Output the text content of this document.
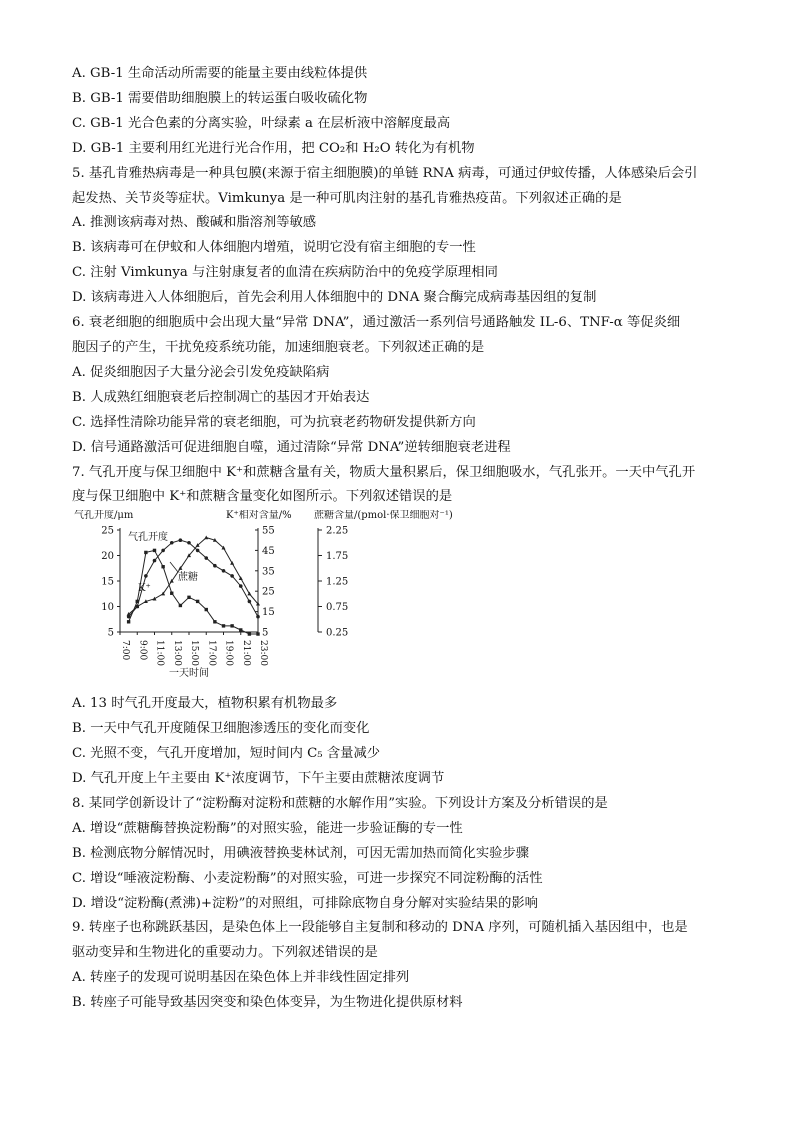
A. GB-1 生命活动所需要的能量主要由线粒体提供
B. GB-1 需要借助细胞膜上的转运蛋白吸收硫化物
C. GB-1 光合色素的分离实验，叶绿素 a 在层析液中溶解度最高
D. GB-1 主要利用红光进行光合作用，把 CO₂和 H₂O 转化为有机物
5. 基孔肯雅热病毒是一种具包膜(来源于宿主细胞膜)的单链 RNA 病毒，可通过伊蚊传播，人体感染后会引
起发热、关节炎等症状。Vimkunya 是一种可肌肉注射的基孔肯雅热疫苗。下列叙述正确的是
A. 推测该病毒对热、酸碱和脂溶剂等敏感
B. 该病毒可在伊蚊和人体细胞内增殖，说明它没有宿主细胞的专一性
C. 注射 Vimkunya 与注射康复者的血清在疾病防治中的免疫学原理相同
D. 该病毒进入人体细胞后，首先会利用人体细胞中的 DNA 聚合酶完成病毒基因组的复制
6. 衰老细胞的细胞质中会出现大量“异常 DNA”，通过激活一系列信号通路触发 IL-6、TNF-α 等促炎细
胞因子的产生，干扰免疫系统功能，加速细胞衰老。下列叙述正确的是
A. 促炎细胞因子大量分泌会引发免疫缺陷病
B. 人成熟红细胞衰老后控制凋亡的基因才开始表达
C. 选择性清除功能异常的衰老细胞，可为抗衰老药物研发提供新方向
D. 信号通路激活可促进细胞自噬，通过清除“异常 DNA”逆转细胞衰老进程
7. 气孔开度与保卫细胞中 K⁺和蔗糖含量有关，物质大量积累后，保卫细胞吸水，气孔张开。一天中气孔开
度与保卫细胞中 K⁺和蔗糖含量变化如图所示。下列叙述错误的是
气孔开度/μm	K⁺相对含量/% 蔗糖含量/(pmol·保卫细胞对⁻¹)
5
10
15
20
25
7:00 9:00 11:00 13:00 15:00 17:00 19:00 21:00 23:00
一天时间
5
15
25
35
45
55
0.25
0.75
1.25
1.75
2.25
气孔开度
K⁺
蔗糖
A. 13 时气孔开度最大，植物积累有机物最多
B. 一天中气孔开度随保卫细胞渗透压的变化而变化
C. 光照不变，气孔开度增加，短时间内 C₅ 含量减少
D. 气孔开度上午主要由 K⁺浓度调节，下午主要由蔗糖浓度调节
8. 某同学创新设计了“淀粉酶对淀粉和蔗糖的水解作用”实验。下列设计方案及分析错误的是
A. 增设“蔗糖酶替换淀粉酶”的对照实验，能进一步验证酶的专一性
B. 检测底物分解情况时，用碘液替换斐林试剂，可因无需加热而简化实验步骤
C. 增设“唾液淀粉酶、小麦淀粉酶”的对照实验，可进一步探究不同淀粉酶的活性
D. 增设“淀粉酶(煮沸)+淀粉”的对照组，可排除底物自身分解对实验结果的影响
9. 转座子也称跳跃基因，是染色体上一段能够自主复制和移动的 DNA 序列，可随机插入基因组中，也是
驱动变异和生物进化的重要动力。下列叙述错误的是
A. 转座子的发现可说明基因在染色体上并非线性固定排列
B. 转座子可能导致基因突变和染色体变异，为生物进化提供原材料
